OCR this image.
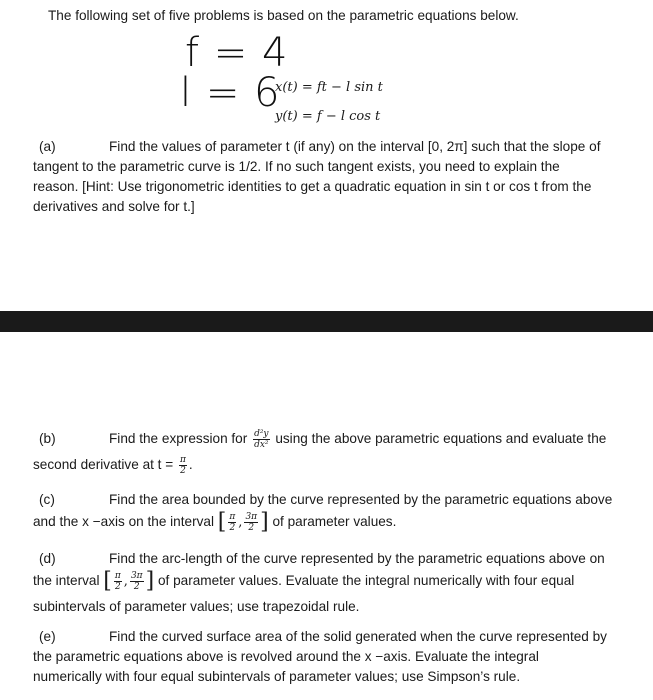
The following set of five problems is based on the parametric equations below.
f = 4
l = 6
x(t) = ft − l sin t
y(t) = f − l cos t
(a)	Find the values of parameter t (if any) on the interval [0, 2π] such that the slope of
tangent to the parametric curve is 1/2. If no such tangent exists, you need to explain the
reason. [Hint: Use trigonometric identities to get a quadratic equation in sin t or cos t from the
derivatives and solve for t.]
(b)	Find the expression for $\frac{\text{d²y}}{\text{dx²}}$ using the above parametric equations and evaluate the
second derivative at $t = \frac{\pi}{2}$ .
(c)	Find the area bounded by the curve represented by the parametric equations above
and the x −axis on the interval [ $\frac{\pi}{2}$ , $\frac{3\pi}{2}$ ] of parameter values.
(d)	Find the arc-length of the curve represented by the parametric equations above on
the interval [ $\frac{\pi}{2}$ , $\frac{3\pi}{2}$ ] of parameter values. Evaluate the integral numerically with four equal
subintervals of parameter values; use trapezoidal rule.
(e)	Find the curved surface area of the solid generated when the curve represented by
the parametric equations above is revolved around the x −axis. Evaluate the integral
numerically with four equal subintervals of parameter values; use Simpson’s rule.
